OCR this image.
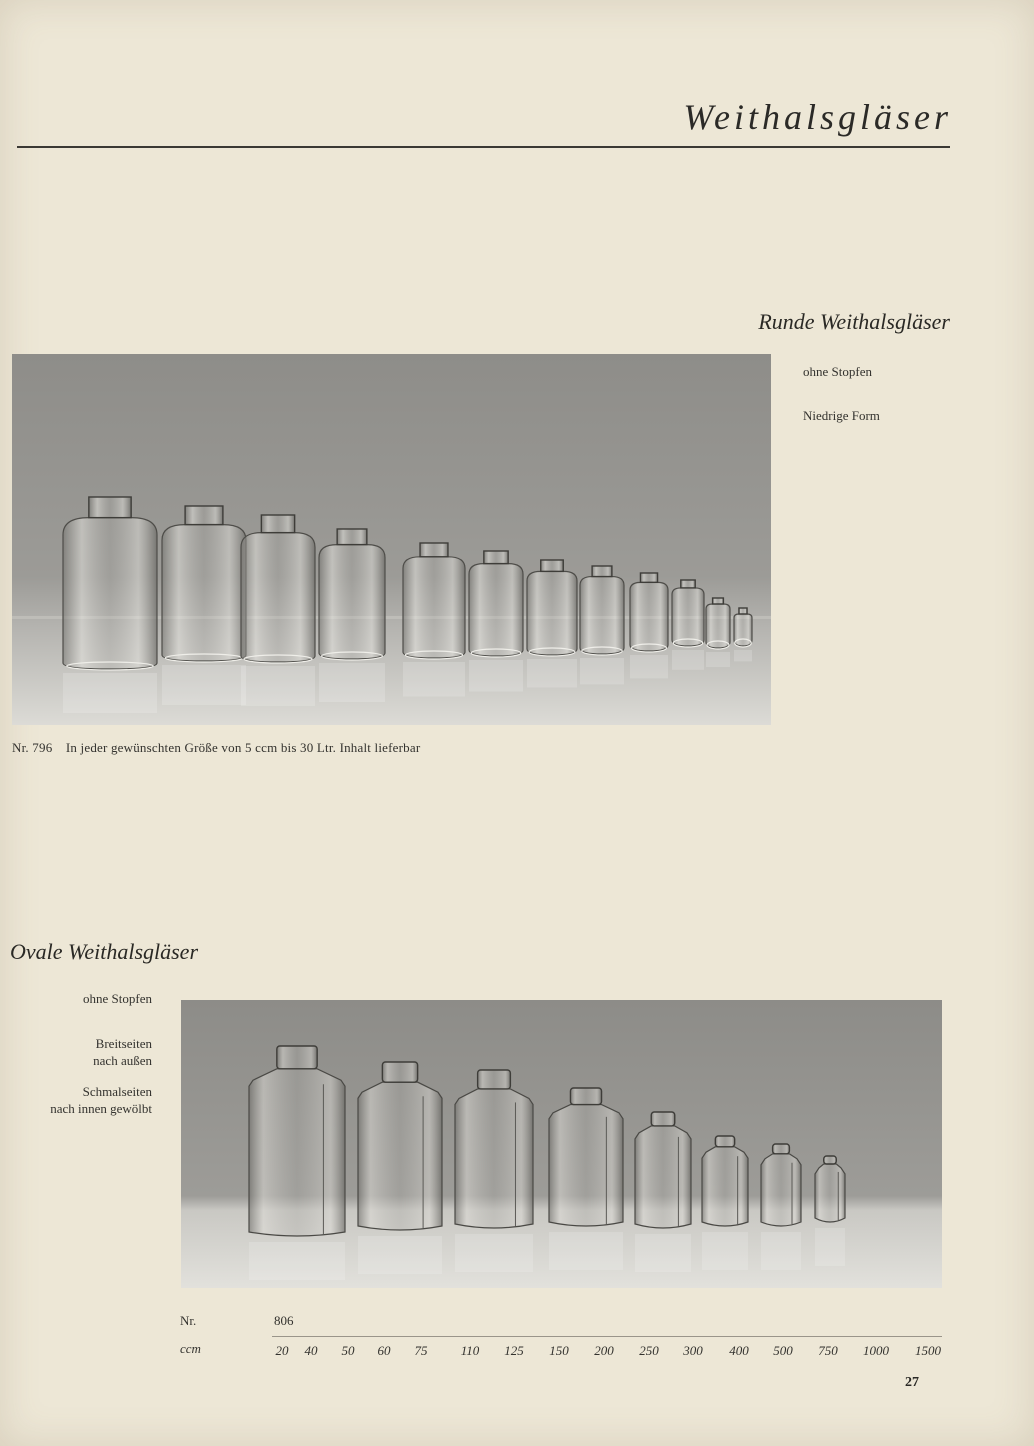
Weithalsgläser
Runde Weithalsgläser
ohne Stopfen
Niedrige Form
Nr. 796 In jeder gewünschten Größe von 5 ccm bis 30 Ltr. Inhalt lieferbar
Ovale Weithalsgläser
ohne Stopfen
Breitseiten
nach außen
Schmalseiten
nach innen gewölbt
Nr.	806
ccm	20 40 50 60 75	110 125 150 200 250 300 400 500 750 1000 1500
27
